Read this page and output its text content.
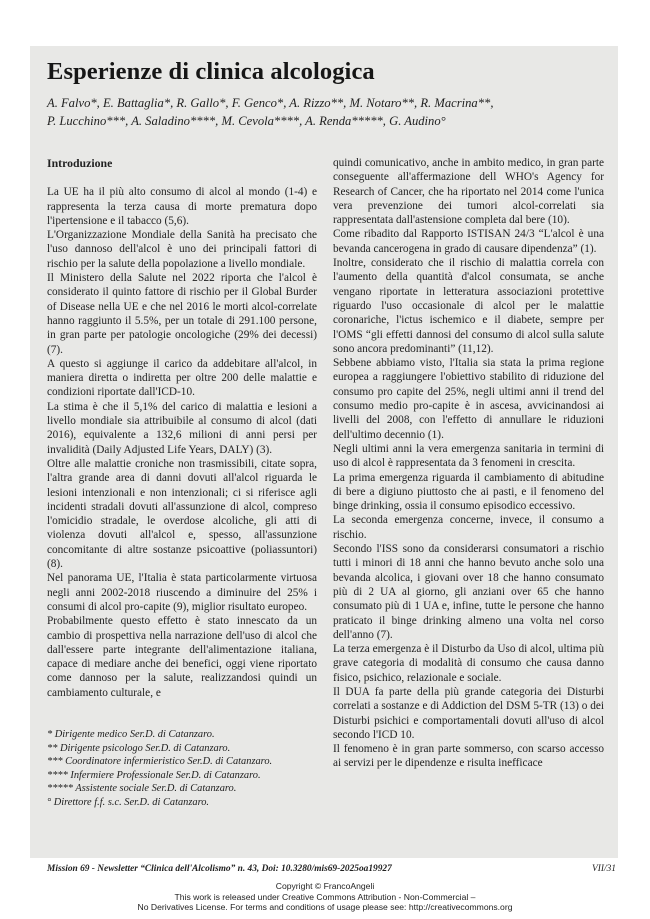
Esperienze di clinica alcologica
A. Falvo*, E. Battaglia*, R. Gallo*, F. Genco*, A. Rizzo**, M. Notaro**, R. Macrina**,
P. Lucchino***, A. Saladino****, M. Cevola****, A. Renda*****, G. Audino°
Introduzione

La UE ha il più alto consumo di alcol al mondo (1-4) e rappresenta la terza causa di morte prematura dopo l'ipertensione e il tabacco (5,6).

L'Organizzazione Mondiale della Sanità ha precisato che l'uso dannoso dell'alcol è uno dei principali fattori di rischio per la salute della popolazione a livello mondiale.

Il Ministero della Salute nel 2022 riporta che l'alcol è considerato il quinto fattore di rischio per il Global Burder of Disease nella UE e che nel 2016 le morti alcol-correlate hanno raggiunto il 5.5%, per un totale di 291.100 persone, in gran parte per patologie oncologiche (29% dei decessi) (7).

A questo si aggiunge il carico da addebitare all'alcol, in maniera diretta o indiretta per oltre 200 delle malattie e condizioni riportate dall'ICD-10.

La stima è che il 5,1% del carico di malattia e lesioni a livello mondiale sia attribuibile al consumo di alcol (dati 2016), equivalente a 132,6 milioni di anni persi per invalidità (Daily Adjusted Life Years, DALY) (3).

Oltre alle malattie croniche non trasmissibili, citate sopra, l'altra grande area di danni dovuti all'alcol riguarda le lesioni intenzionali e non intenzionali; ci si riferisce agli incidenti stradali dovuti all'assunzione di alcol, compreso l'omicidio stradale, le overdose alcoliche, gli atti di violenza dovuti all'alcol e, spesso, all'assunzione concomitante di altre sostanze psicoattive (poliassuntori) (8).

Nel panorama UE, l'Italia è stata particolarmente virtuosa negli anni 2002-2018 riuscendo a diminuire del 25% i consumi di alcol pro-capite (9), miglior risultato europeo.

Probabilmente questo effetto è stato innescato da un cambio di prospettiva nella narrazione dell'uso di alcol che dall'essere parte integrante dell'alimentazione italiana, capace di mediare anche dei benefici, oggi viene riportato come dannoso per la salute, realizzandosi quindi un cambiamento culturale, e

* Dirigente medico Ser.D. di Catanzaro.
** Dirigente psicologo Ser.D. di Catanzaro.
*** Coordinatore infermieristico Ser.D. di Catanzaro.
**** Infermiere Professionale Ser.D. di Catanzaro.
***** Assistente sociale Ser.D. di Catanzaro.
° Direttore f.f. s.c. Ser.D. di Catanzaro.

quindi comunicativo, anche in ambito medico, in gran parte conseguente all'affermazione dell WHO's Agency for Research of Cancer, che ha riportato nel 2014 come l'unica vera prevenzione dei tumori alcol-correlati sia rappresentata dall'astensione completa dal bere (10).

Come ribadito dal Rapporto ISTISAN 24/3 “L'alcol è una bevanda cancerogena in grado di causare dipendenza” (1).

Inoltre, considerato che il rischio di malattia correla con l'aumento della quantità d'alcol consumata, se anche vengano riportate in letteratura associazioni protettive riguardo l'uso occasionale di alcol per le malattie coronariche, l'ictus ischemico e il diabete, sempre per l'OMS “gli effetti dannosi del consumo di alcol sulla salute sono ancora predominanti” (11,12).

Sebbene abbiamo visto, l'Italia sia stata la prima regione europea a raggiungere l'obiettivo stabilito di riduzione del consumo pro capite del 25%, negli ultimi anni il trend del consumo medio pro-capite è in ascesa, avvicinandosi ai livelli del 2008, con l'effetto di annullare le riduzioni dell'ultimo decennio (1).

Negli ultimi anni la vera emergenza sanitaria in termini di uso di alcol è rappresentata da 3 fenomeni in crescita.

La prima emergenza riguarda il cambiamento di abitudine di bere a digiuno piuttosto che ai pasti, e il fenomeno del binge drinking, ossia il consumo episodico eccessivo.

La seconda emergenza concerne, invece, il consumo a rischio.

Secondo l'ISS sono da considerarsi consumatori a rischio tutti i minori di 18 anni che hanno bevuto anche solo una bevanda alcolica, i giovani over 18 che hanno consumato più di 2 UA al giorno, gli anziani over 65 che hanno consumato più di 1 UA e, infine, tutte le persone che hanno praticato il binge drinking almeno una volta nel corso dell'anno (7).

La terza emergenza è il Disturbo da Uso di alcol, ultima più grave categoria di modalità di consumo che causa danno fisico, psichico, relazionale e sociale.

Il DUA fa parte della più grande categoria dei Disturbi correlati a sostanze e di Addiction del DSM 5-TR (13) o dei Disturbi psichici e comportamentali dovuti all'uso di alcol secondo l'ICD 10.

Il fenomeno è in gran parte sommerso, con scarso accesso ai servizi per le dipendenze e risulta inefficace

Mission 69 - Newsletter “Clinica dell'Alcolismo” n. 43, Doi: 10.3280/mis69-2025oa19927	VII/31
Copyright © FrancoAngeli
This work is released under Creative Commons Attribution - Non-Commercial –
No Derivatives License. For terms and conditions of usage please see: http://creativecommons.org
